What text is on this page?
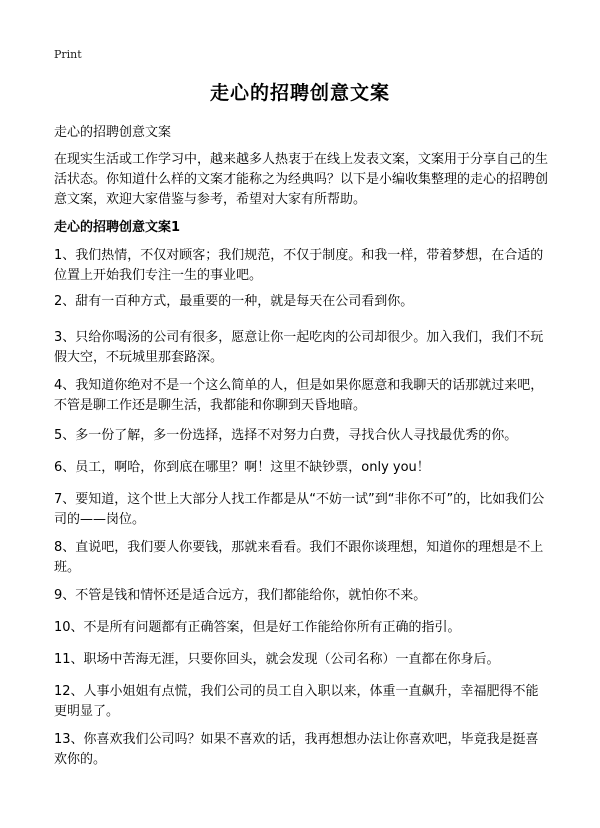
Print
走心的招聘创意文案
走心的招聘创意文案
在现实生活或工作学习中，越来越多人热衷于在线上发表文案，文案用于分享自己的生活状态。你知道什么样的文案才能称之为经典吗？以下是小编收集整理的走心的招聘创意文案，欢迎大家借鉴与参考，希望对大家有所帮助。
走心的招聘创意文案1
1、我们热情，不仅对顾客；我们规范，不仅于制度。和我一样，带着梦想，在合适的位置上开始我们专注一生的事业吧。
2、甜有一百种方式，最重要的一种，就是每天在公司看到你。
3、只给你喝汤的公司有很多，愿意让你一起吃肉的公司却很少。加入我们，我们不玩假大空，不玩城里那套路深。
4、我知道你绝对不是一个这么简单的人，但是如果你愿意和我聊天的话那就过来吧，不管是聊工作还是聊生活，我都能和你聊到天昏地暗。
5、多一份了解，多一份选择，选择不对努力白费，寻找合伙人寻找最优秀的你。
6、员工，啊哈，你到底在哪里？啊！这里不缺钞票，only you！
7、要知道，这个世上大部分人找工作都是从“不妨一试”到“非你不可”的，比如我们公司的——岗位。
8、直说吧，我们要人你要钱，那就来看看。我们不跟你谈理想，知道你的理想是不上班。
9、不管是钱和情怀还是适合远方，我们都能给你，就怕你不来。
10、不是所有问题都有正确答案，但是好工作能给你所有正确的指引。
11、职场中苦海无涯，只要你回头，就会发现（公司名称）一直都在你身后。
12、人事小姐姐有点慌，我们公司的员工自入职以来，体重一直飙升，幸福肥得不能更明显了。
13、你喜欢我们公司吗？如果不喜欢的话，我再想想办法让你喜欢吧，毕竟我是挺喜欢你的。
